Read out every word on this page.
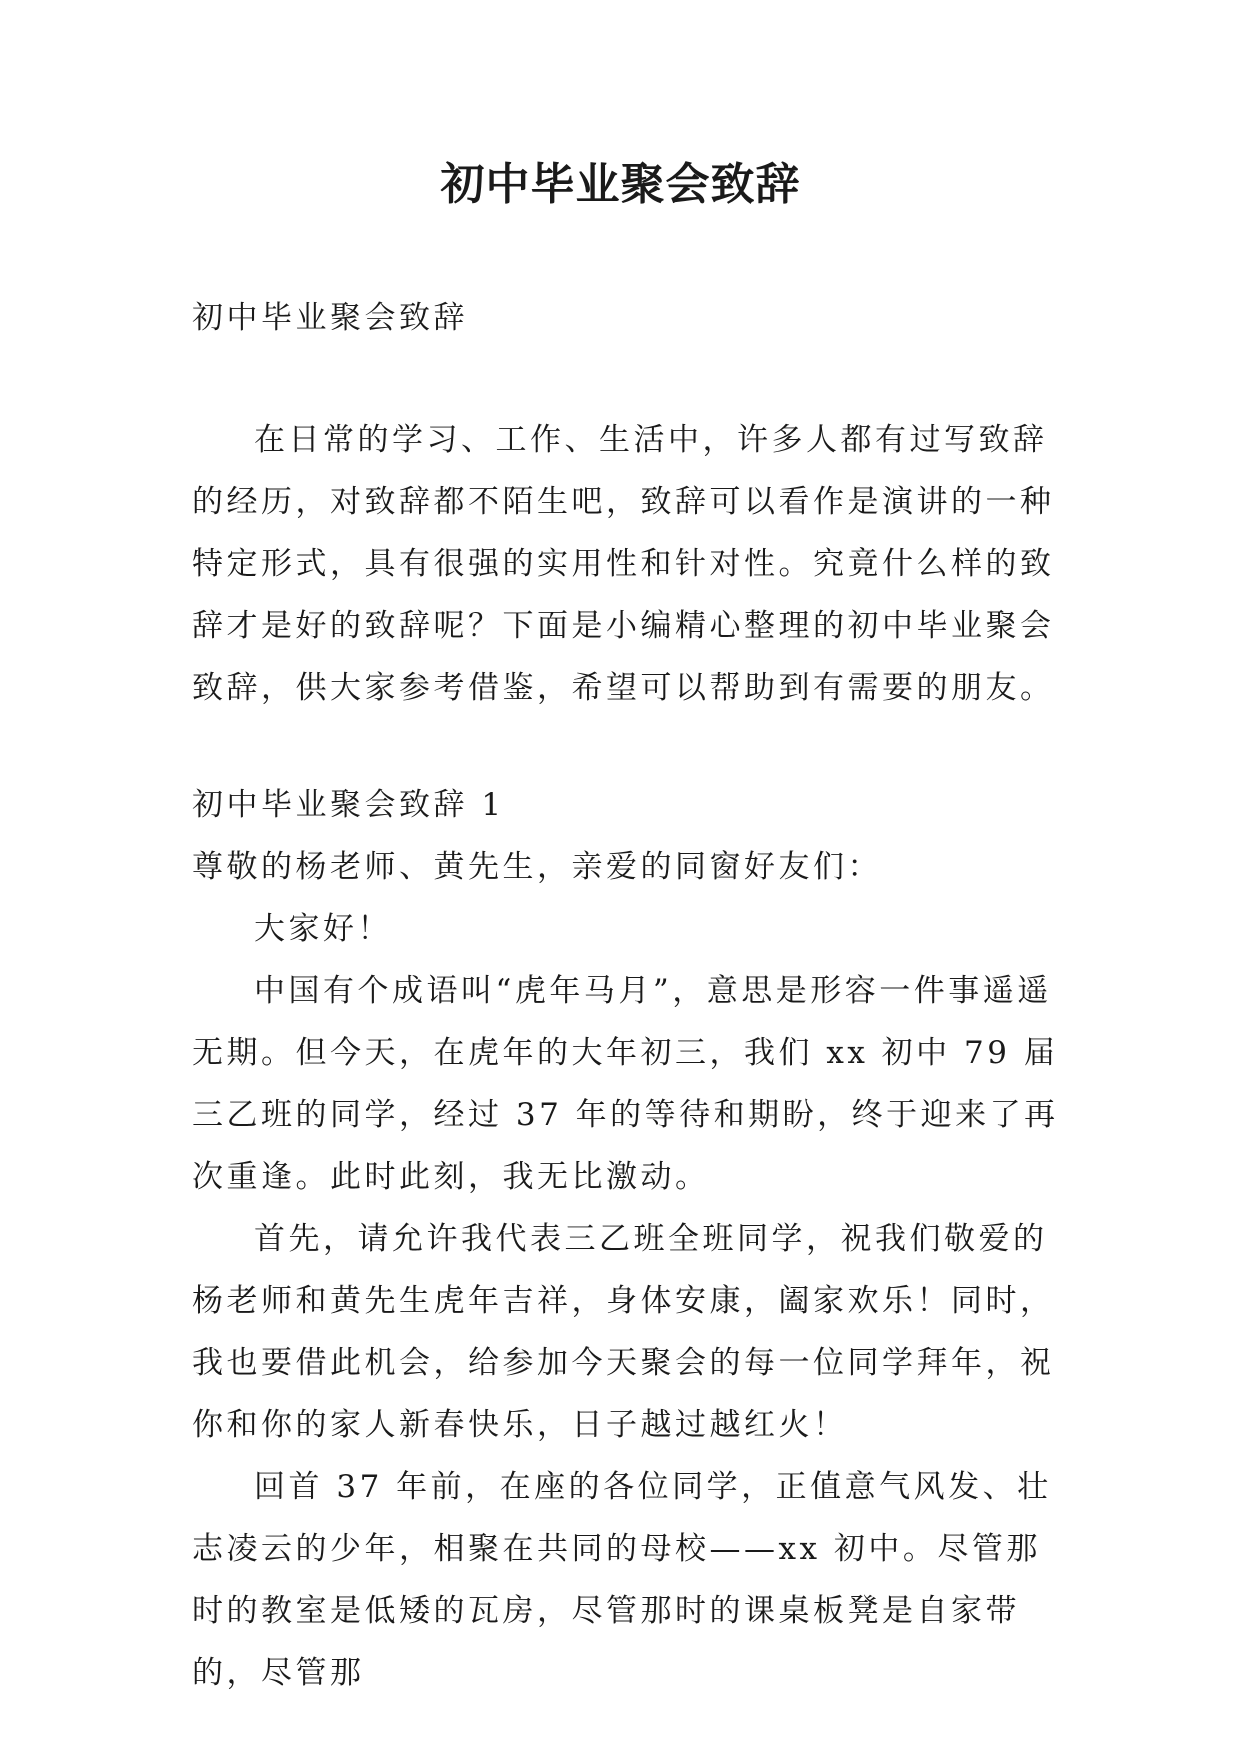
初中毕业聚会致辞

初中毕业聚会致辞

在日常的学习、工作、生活中，许多人都有过写致辞的经历，对致辞都不陌生吧，致辞可以看作是演讲的一种特定形式，具有很强的实用性和针对性。究竟什么样的致辞才是好的致辞呢？下面是小编精心整理的初中毕业聚会致辞，供大家参考借鉴，希望可以帮助到有需要的朋友。

初中毕业聚会致辞 1

尊敬的杨老师、黄先生，亲爱的同窗好友们：

大家好！

中国有个成语叫“虎年马月”，意思是形容一件事遥遥无期。但今天，在虎年的大年初三，我们 xx 初中 79 届三乙班的同学，经过 37 年的等待和期盼，终于迎来了再次重逢。此时此刻，我无比激动。

首先，请允许我代表三乙班全班同学，祝我们敬爱的杨老师和黄先生虎年吉祥，身体安康，阖家欢乐！同时，我也要借此机会，给参加今天聚会的每一位同学拜年，祝你和你的家人新春快乐，日子越过越红火！

回首 37 年前，在座的各位同学，正值意气风发、壮志凌云的少年，相聚在共同的母校——xx 初中。尽管那时的教室是低矮的瓦房，尽管那时的课桌板凳是自家带的，尽管那
